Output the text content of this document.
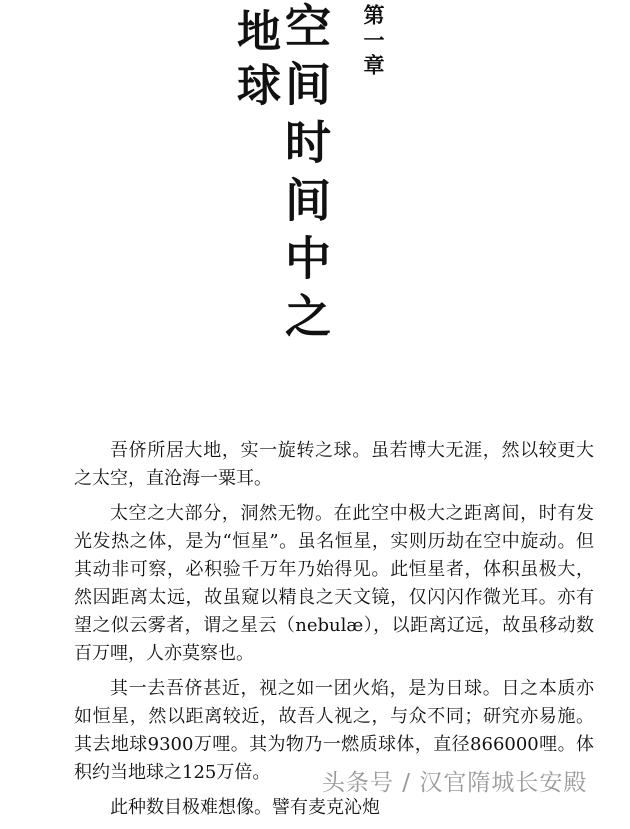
第一章
空间时间中之
地球

吾侪所居大地，实一旋转之球。虽若博大无涯，然以较更大之太空，直沧海一粟耳。

太空之大部分，洞然无物。在此空中极大之距离间，时有发光发热之体，是为“恒星”。虽名恒星，实则历劫在空中旋动。但其动非可察，必积验千万年乃始得见。此恒星者，体积虽极大，然因距离太远，故虽窥以精良之天文镜，仅闪闪作微光耳。亦有望之似云雾者，谓之星云（nebulæ），以距离辽远，故虽移动数百万哩，人亦莫察也。

其一去吾侪甚近，视之如一团火焰，是为日球。日之本质亦如恒星，然以距离较近，故吾人视之，与众不同；研究亦易施。其去地球9300万哩。其为物乃一燃质球体，直径866000哩。体积约当地球之125万倍。

此种数目极难想像。譬有麦克沁炮

头条号 / 汉官隋城长安殿
